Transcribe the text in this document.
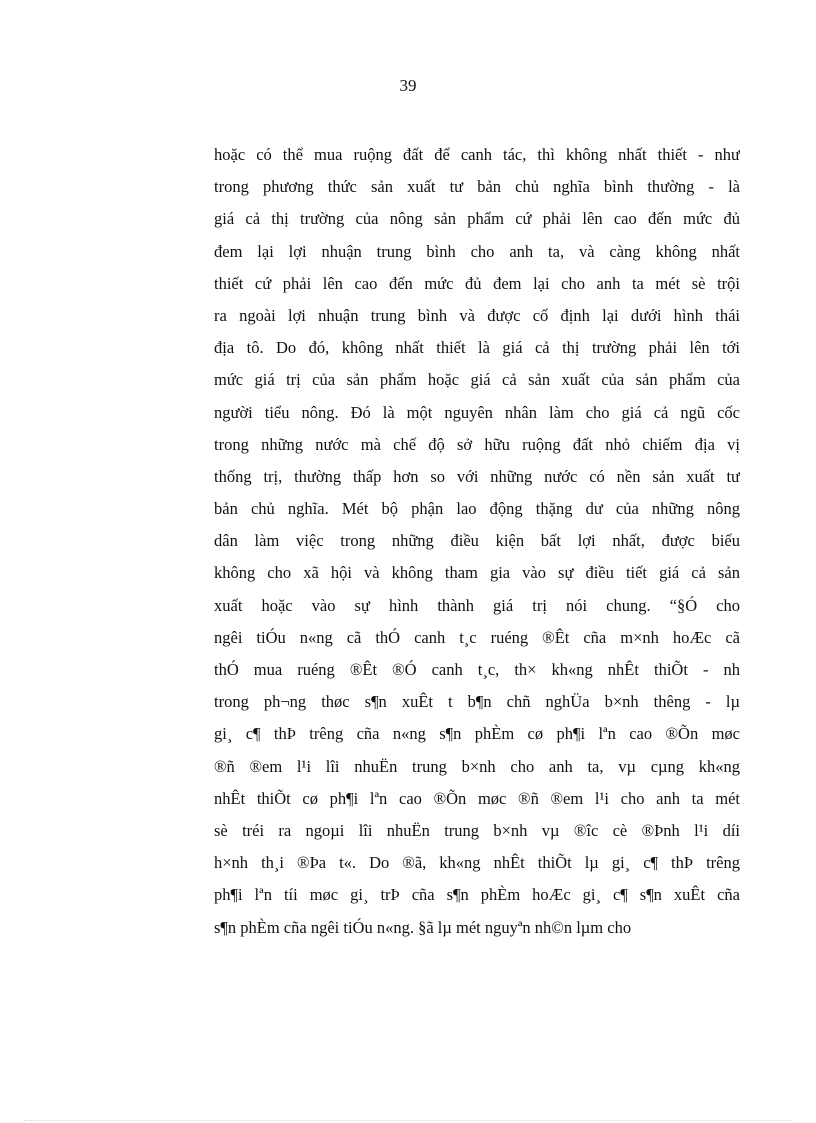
39
hoặc có thể mua ruộng đất để canh tác, thì không nhất thiết - như
trong phương thức sản xuất tư bản chủ nghĩa bình thường - là
giá cả thị trường của nông sản phẩm cứ phải lên cao đến mức đủ
đem lại lợi nhuận trung bình cho anh ta, và càng không nhất
thiết cứ phải lên cao đến mức đủ đem lại cho anh ta mét sè trội
ra ngoài lợi nhuận trung bình và được cố định lại dưới hình thái
địa tô. Do đó, không nhất thiết là giá cả thị trường phải lên tới
mức giá trị của sản phẩm hoặc giá cả sản xuất của sản phẩm của
người tiểu nông. Đó là một nguyên nhân làm cho giá cả ngũ cốc
trong những nước mà chế độ sở hữu ruộng đất nhỏ chiếm địa vị
thống trị, thường thấp hơn so với những nước có nền sản xuất tư
bản chủ nghĩa. Mét bộ phận lao động thặng dư của những nông
dân làm việc trong những điều kiện bất lợi nhất, được biếu
không cho xã hội và không tham gia vào sự điều tiết giá cả sản
xuất hoặc vào sự hình thành giá trị nói chung. “§Ó cho
ngêi tiÓu n«ng cã thÓ canh t¸c ruéng ®Êt cña m×nh hoÆc cã
thÓ mua ruéng ®Êt ®Ó canh t¸c, th× kh«ng nhÊt thiÕt - nh
trong ph¬ng thøc s¶n xuÊt t b¶n chñ nghÜa b×nh thêng - lµ
gi¸ c¶ thÞ trêng cña n«ng s¶n phÈm cø ph¶i lªn cao ®Õn møc
®ñ ®em l¹i lîi nhuËn trung b×nh cho anh ta, vµ cµng kh«ng
nhÊt thiÕt cø ph¶i lªn cao ®Õn møc ®ñ ®em l¹i cho anh ta mét
sè tréi ra ngoµi lîi nhuËn trung b×nh vµ ®îc cè ®Þnh l¹i díi
h×nh th¸i ®Þa t«. Do ®ã, kh«ng nhÊt thiÕt lµ gi¸ c¶ thÞ trêng
ph¶i lªn tíi møc gi¸ trÞ cña s¶n phÈm hoÆc gi¸ c¶ s¶n xuÊt cña
s¶n phÈm cña ngêi tiÓu n«ng. §ã lµ mét nguyªn nh©n lµm cho
